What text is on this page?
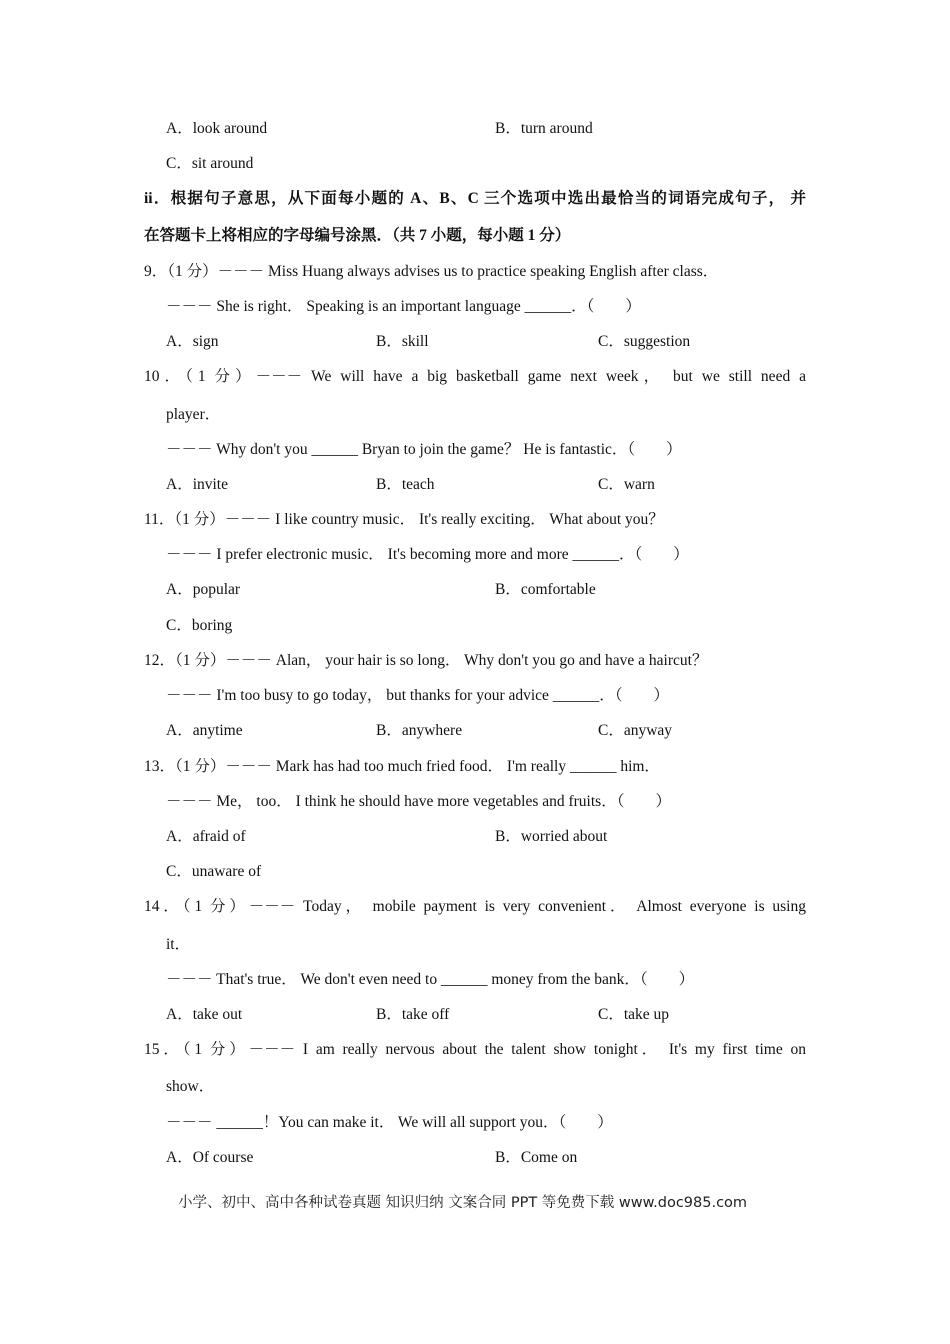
A．look around	B．turn around
C．sit around
ii．根据句子意思，从下面每小题的 A、B、C 三个选项中选出最恰当的词语完成句子， 并
在答题卡上将相应的字母编号涂黑．（共 7 小题，每小题 1 分）
9．（1 分）－－－ Miss Huang always advises us to practice speaking English after class．
－－－ She is right． Speaking is an important language ______．（　　）
A．sign	B．skill	C．suggestion
10．（1 分）－－－ We will have a big basketball game next week， but we still need a
player．
－－－ Why don't you ______ Bryan to join the game？ He is fantastic．（　　）
A．invite	B．teach	C．warn
11．（1 分）－－－ I like country music． It's really exciting． What about you？
－－－ I prefer electronic music． It's becoming more and more ______．（　　）
A．popular	B．comfortable
C．boring
12．（1 分）－－－ Alan， your hair is so long． Why don't you go and have a haircut？
－－－ I'm too busy to go today， but thanks for your advice ______．（　　）
A．anytime	B．anywhere	C．anyway
13．（1 分）－－－ Mark has had too much fried food． I'm really ______ him．
－－－ Me， too． I think he should have more vegetables and fruits．（　　）
A．afraid of	B．worried about
C．unaware of
14．（1 分）－－－ Today， mobile payment is very convenient． Almost everyone is using
it．
－－－ That's true． We don't even need to ______ money from the bank．（　　）
A．take out	B．take off	C．take up
15．（1 分）－－－ I am really nervous about the talent show tonight． It's my first time on
show．
－－－ ______！You can make it． We will all support you．（　　）
A．Of course	B．Come on
小学、初中、高中各种试卷真题 知识归纳 文案合同 PPT 等免费下载 www.doc985.com
